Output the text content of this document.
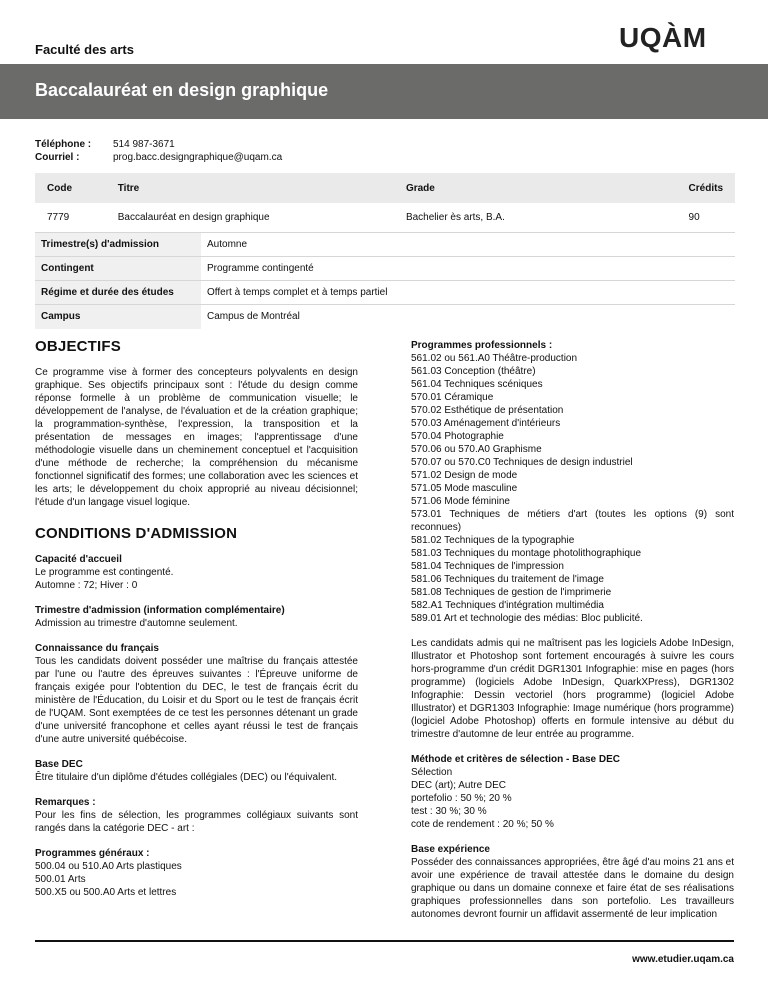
Faculté des arts	UQÀM
Baccalauréat en design graphique
Téléphone :	514 987-3671
Courriel :	prog.bacc.designgraphique@uqam.ca
Code	Titre	Grade	Crédits
7779	Baccalauréat en design graphique	Bachelier ès arts, B.A.	90
Trimestre(s) d'admission	Automne
Contingent	Programme contingenté
Régime et durée des études	Offert à temps complet et à temps partiel
Campus	Campus de Montréal
OBJECTIFS

Ce programme vise à former des concepteurs polyvalents en design graphique. Ses objectifs principaux sont : l'étude du design comme réponse formelle à un problème de communication visuelle; le développement de l'analyse, de l'évaluation et de la création graphique; la programmation-synthèse, l'expression, la transposition et la présentation de messages en images; l'apprentissage d'une méthodologie visuelle dans un cheminement conceptuel et l'acquisition d'une méthode de recherche; la compréhension du mécanisme fonctionnel significatif des formes; une collaboration avec les sciences et les arts; le développement du choix approprié au niveau décisionnel; l'étude d'un langage visuel logique.

CONDITIONS D'ADMISSION
Capacité d'accueil
Le programme est contingenté.
Automne : 72; Hiver : 0
Trimestre d'admission (information complémentaire)
Admission au trimestre d'automne seulement.
Connaissance du français

Tous les candidats doivent posséder une maîtrise du français attestée par l'une ou l'autre des épreuves suivantes : l'Épreuve uniforme de français exigée pour l'obtention du DEC, le test de français écrit du ministère de l'Éducation, du Loisir et du Sport ou le test de français écrit de l'UQAM. Sont exemptées de ce test les personnes détenant un grade d'une université francophone et celles ayant réussi le test de français d'une autre université québécoise.

Base DEC
Être titulaire d'un diplôme d'études collégiales (DEC) ou l'équivalent.
Remarques :

Pour les fins de sélection, les programmes collégiaux suivants sont rangés dans la catégorie DEC - art :

Programmes généraux :
500.04 ou 510.A0 Arts plastiques
500.01 Arts
500.X5 ou 500.A0 Arts et lettres
Programmes professionnels :
561.02 ou 561.A0 Théâtre-production
561.03 Conception (théâtre)
561.04 Techniques scéniques
570.01 Céramique
570.02 Esthétique de présentation
570.03 Aménagement d'intérieurs
570.04 Photographie
570.06 ou 570.A0 Graphisme
570.07 ou 570.C0 Techniques de design industriel
571.02 Design de mode
571.05 Mode masculine
571.06 Mode féminine
573.01 Techniques de métiers d'art (toutes les options (9) sont reconnues)
581.02 Techniques de la typographie
581.03 Techniques du montage photolithographique
581.04 Techniques de l'impression
581.06 Techniques du traitement de l'image
581.08 Techniques de gestion de l'imprimerie
582.A1 Techniques d'intégration multimédia
589.01 Art et technologie des médias: Bloc publicité.

Les candidats admis qui ne maîtrisent pas les logiciels Adobe InDesign, Illustrator et Photoshop sont fortement encouragés à suivre les cours hors-programme d'un crédit DGR1301 Infographie: mise en pages (hors programme) (logiciels Adobe InDesign, QuarkXPress), DGR1302 Infographie: Dessin vectoriel (hors programme) (logiciel Adobe Illustrator) et DGR1303 Infographie: Image numérique (hors programme) (logiciel Adobe Photoshop) offerts en formule intensive au début du trimestre d'automne de leur entrée au programme.

Méthode et critères de sélection - Base DEC
Sélection
DEC (art); Autre DEC
portefolio : 50 %; 20 %
test : 30 %; 30 %
cote de rendement : 20 %; 50 %
Base expérience

Posséder des connaissances appropriées, être âgé d'au moins 21 ans et avoir une expérience de travail attestée dans le domaine du design graphique ou dans un domaine connexe et faire état de ses réalisations graphiques professionnelles dans son portefolio. Les travailleurs autonomes devront fournir un affidavit assermenté de leur implication

www.etudier.uqam.ca
